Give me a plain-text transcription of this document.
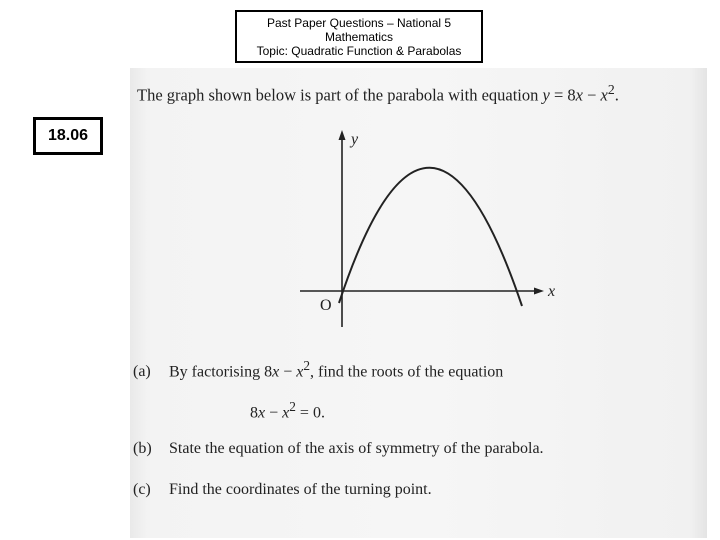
Past Paper Questions – National 5
Mathematics
Topic: Quadratic Function & Parabolas
18.06
The graph shown below is part of the parabola with equation $y = 8x - x^2$.
y
x
O
(a) By factorising $8x - x^2$, find the roots of the equation
$8x - x^2 = 0$.
(b) State the equation of the axis of symmetry of the parabola.
(c) Find the coordinates of the turning point.
